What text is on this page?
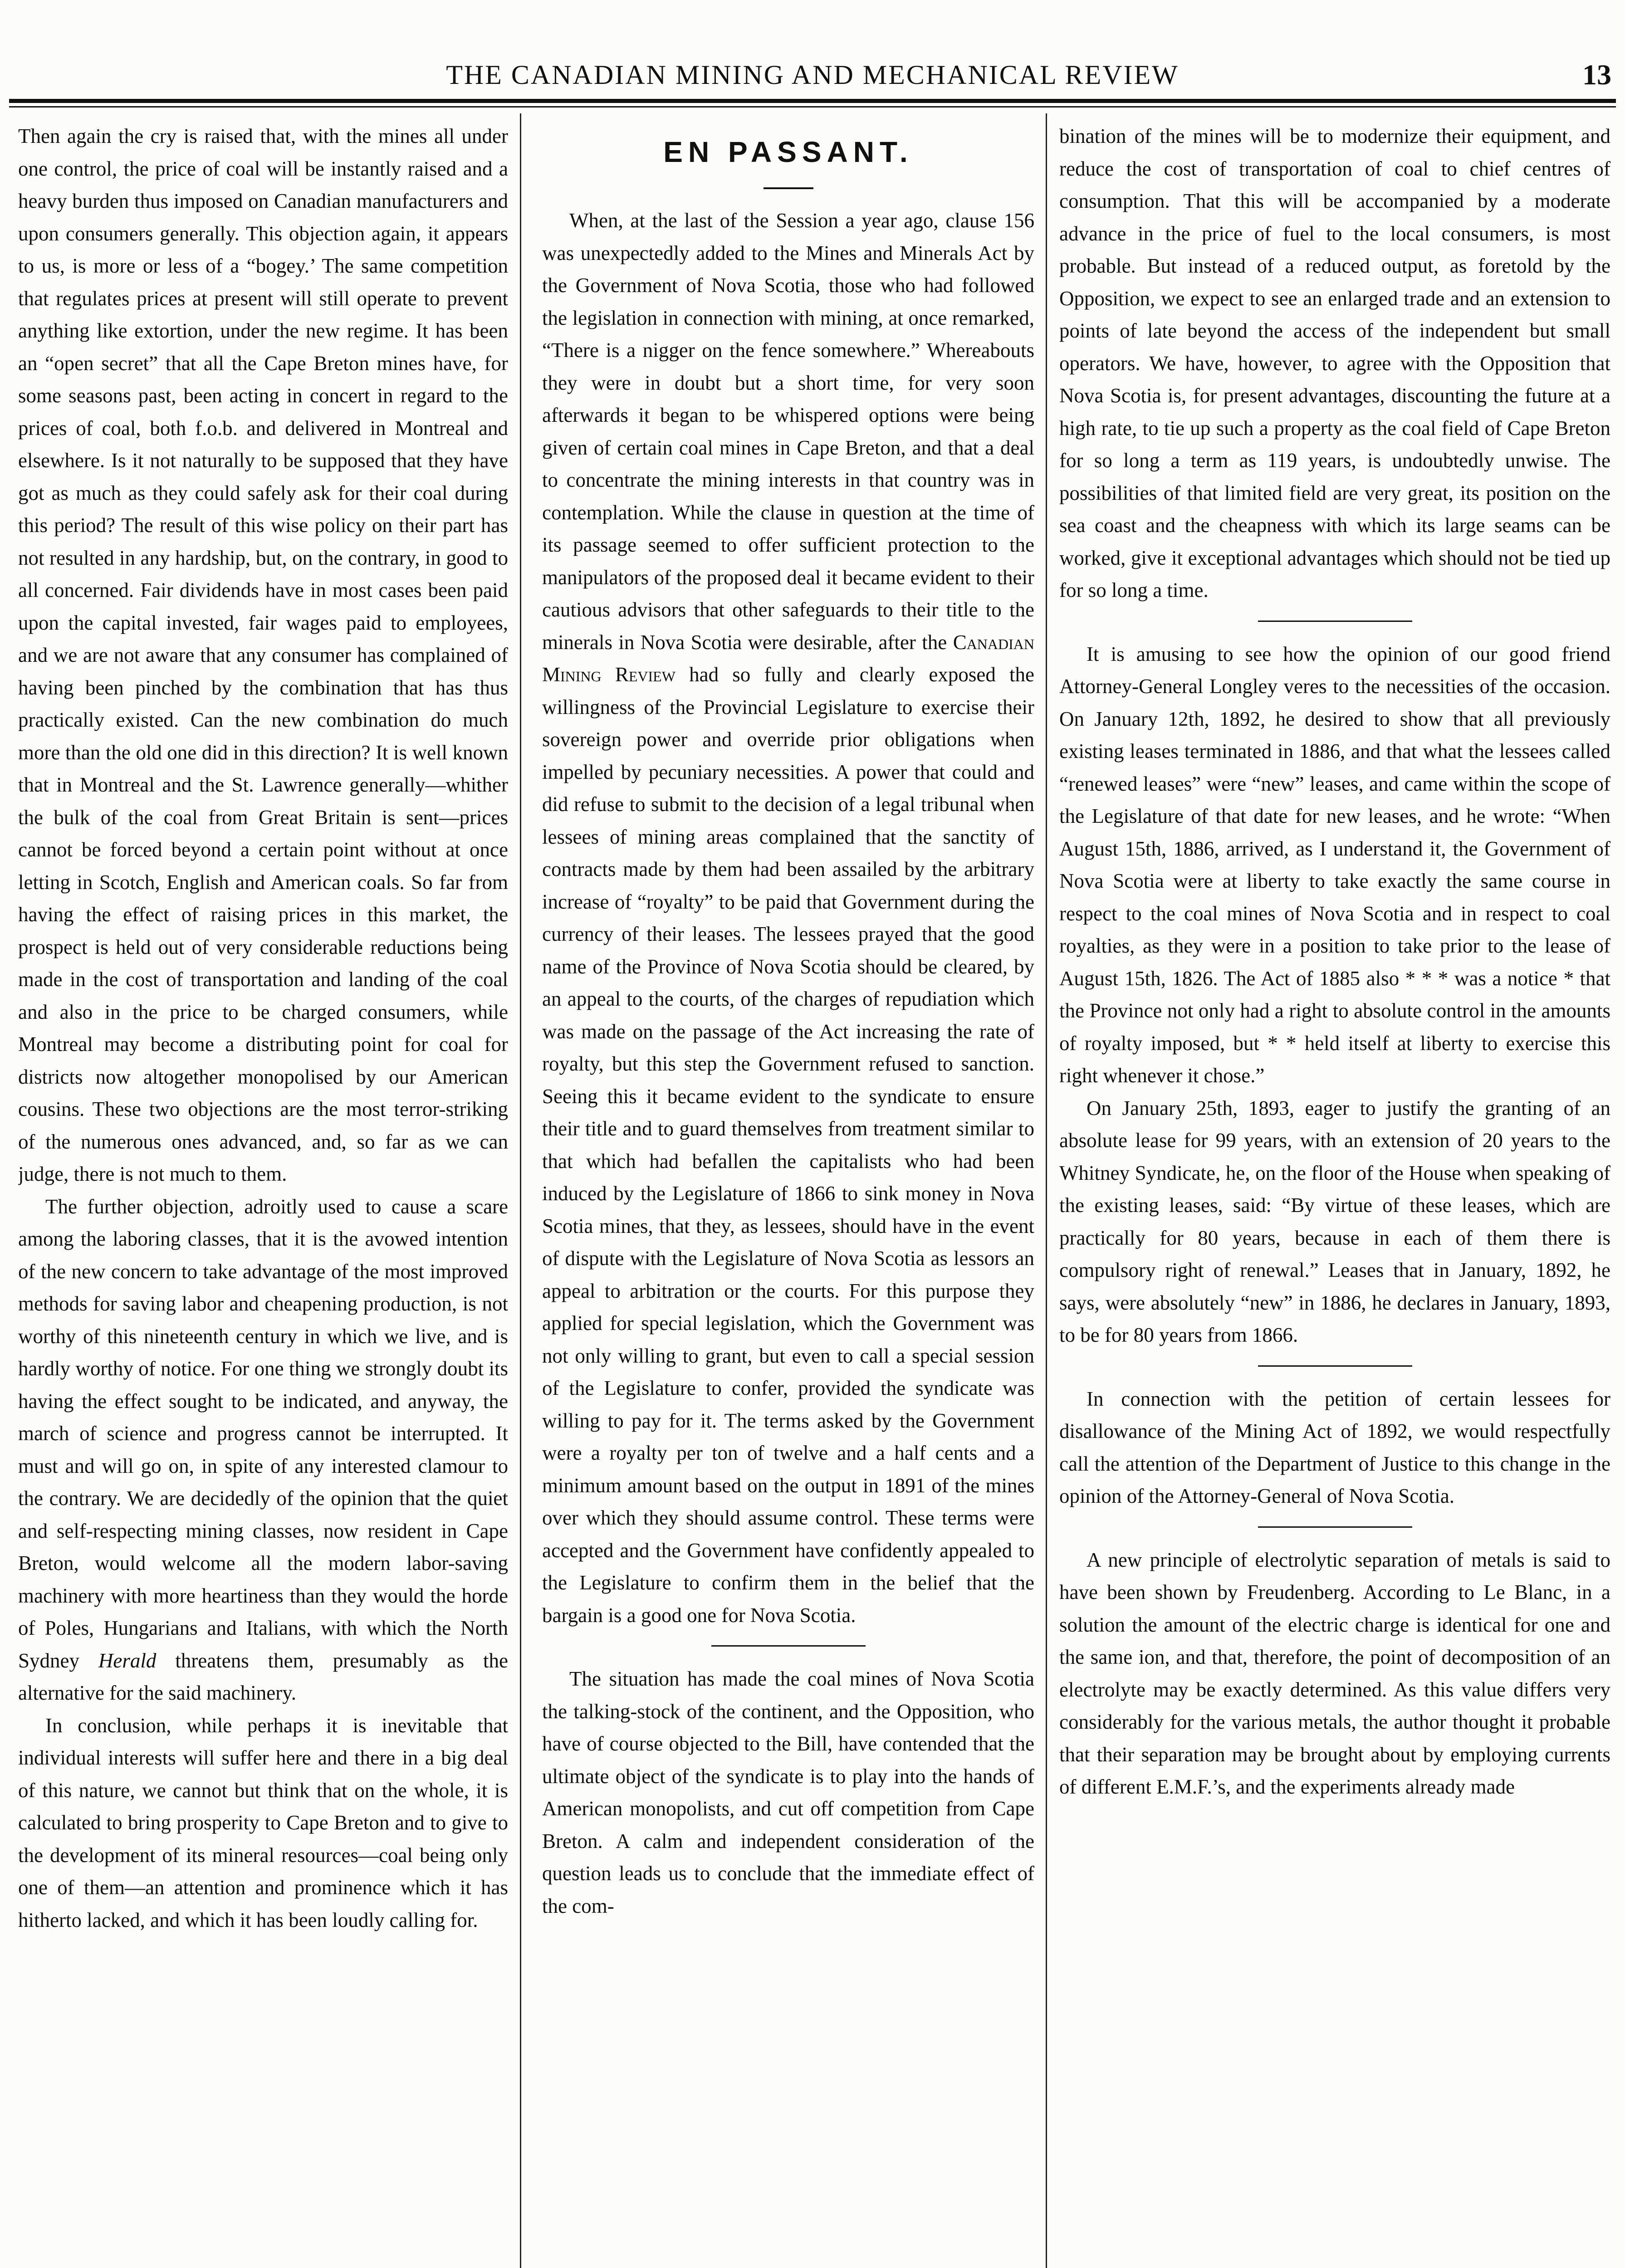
THE CANADIAN MINING AND MECHANICAL REVIEW	13

Then again the cry is raised that, with the mines all under one control, the price of coal will be instantly raised and a heavy burden thus imposed on Canadian manufacturers and upon consumers generally. This objection again, it appears to us, is more or less of a “bogey.’ The same competition that regulates prices at present will still operate to prevent anything like extortion, under the new regime. It has been an “open secret” that all the Cape Breton mines have, for some seasons past, been acting in concert in regard to the prices of coal, both f.o.b. and delivered in Montreal and elsewhere. Is it not naturally to be supposed that they have got as much as they could safely ask for their coal during this period? The result of this wise policy on their part has not resulted in any hardship, but, on the contrary, in good to all concerned. Fair dividends have in most cases been paid upon the capital invested, fair wages paid to employees, and we are not aware that any consumer has complained of having been pinched by the combination that has thus practically existed. Can the new combination do much more than the old one did in this direction? It is well known that in Montreal and the St. Lawrence generally—whither the bulk of the coal from Great Britain is sent—prices cannot be forced beyond a certain point without at once letting in Scotch, English and American coals. So far from having the effect of raising prices in this market, the prospect is held out of very considerable reductions being made in the cost of transportation and landing of the coal and also in the price to be charged consumers, while Montreal may become a distributing point for coal for districts now altogether monopolised by our American cousins. These two objections are the most terror-striking of the numerous ones advanced, and, so far as we can judge, there is not much to them.

The further objection, adroitly used to cause a scare among the laboring classes, that it is the avowed intention of the new concern to take advantage of the most improved methods for saving labor and cheapening production, is not worthy of this nineteenth century in which we live, and is hardly worthy of notice. For one thing we strongly doubt its having the effect sought to be indicated, and anyway, the march of science and progress cannot be interrupted. It must and will go on, in spite of any interested clamour to the contrary. We are decidedly of the opinion that the quiet and self-respecting mining classes, now resident in Cape Breton, would welcome all the modern labor-saving machinery with more heartiness than they would the horde of Poles, Hungarians and Italians, with which the North Sydney Herald threatens them, presumably as the alternative for the said machinery.

In conclusion, while perhaps it is inevitable that individual interests will suffer here and there in a big deal of this nature, we cannot but think that on the whole, it is calculated to bring prosperity to Cape Breton and to give to the development of its mineral resources—coal being only one of them—an attention and prominence which it has hitherto lacked, and which it has been loudly calling for.

EN PASSANT.

When, at the last of the Session a year ago, clause 156 was unexpectedly added to the Mines and Minerals Act by the Government of Nova Scotia, those who had followed the legislation in connection with mining, at once remarked, “There is a nigger on the fence somewhere.” Whereabouts they were in doubt but a short time, for very soon afterwards it began to be whispered options were being given of certain coal mines in Cape Breton, and that a deal to concentrate the mining interests in that country was in contemplation. While the clause in question at the time of its passage seemed to offer sufficient protection to the manipulators of the proposed deal it became evident to their cautious advisors that other safeguards to their title to the minerals in Nova Scotia were desirable, after the Canadian Mining Review had so fully and clearly exposed the willingness of the Provincial Legislature to exercise their sovereign power and override prior obligations when impelled by pecuniary necessities. A power that could and did refuse to submit to the decision of a legal tribunal when lessees of mining areas complained that the sanctity of contracts made by them had been assailed by the arbitrary increase of “royalty” to be paid that Government during the currency of their leases. The lessees prayed that the good name of the Province of Nova Scotia should be cleared, by an appeal to the courts, of the charges of repudiation which was made on the passage of the Act increasing the rate of royalty, but this step the Government refused to sanction. Seeing this it became evident to the syndicate to ensure their title and to guard themselves from treatment similar to that which had befallen the capitalists who had been induced by the Legislature of 1866 to sink money in Nova Scotia mines, that they, as lessees, should have in the event of dispute with the Legislature of Nova Scotia as lessors an appeal to arbitration or the courts. For this purpose they applied for special legislation, which the Government was not only willing to grant, but even to call a special session of the Legislature to confer, provided the syndicate was willing to pay for it. The terms asked by the Government were a royalty per ton of twelve and a half cents and a minimum amount based on the output in 1891 of the mines over which they should assume control. These terms were accepted and the Government have confidently appealed to the Legislature to confirm them in the belief that the bargain is a good one for Nova Scotia.

The situation has made the coal mines of Nova Scotia the talking-stock of the continent, and the Opposition, who have of course objected to the Bill, have contended that the ultimate object of the syndicate is to play into the hands of American monopolists, and cut off competition from Cape Breton. A calm and independent consideration of the question leads us to conclude that the immediate effect of the com-

bination of the mines will be to modernize their equipment, and reduce the cost of transportation of coal to chief centres of consumption. That this will be accompanied by a moderate advance in the price of fuel to the local consumers, is most probable. But instead of a reduced output, as foretold by the Opposition, we expect to see an enlarged trade and an extension to points of late beyond the access of the independent but small operators. We have, however, to agree with the Opposition that Nova Scotia is, for present advantages, discounting the future at a high rate, to tie up such a property as the coal field of Cape Breton for so long a term as 119 years, is undoubtedly unwise. The possibilities of that limited field are very great, its position on the sea coast and the cheapness with which its large seams can be worked, give it exceptional advantages which should not be tied up for so long a time.

It is amusing to see how the opinion of our good friend Attorney-General Longley veres to the necessities of the occasion. On January 12th, 1892, he desired to show that all previously existing leases terminated in 1886, and that what the lessees called “renewed leases” were “new” leases, and came within the scope of the Legislature of that date for new leases, and he wrote: “When August 15th, 1886, arrived, as I understand it, the Government of Nova Scotia were at liberty to take exactly the same course in respect to the coal mines of Nova Scotia and in respect to coal royalties, as they were in a position to take prior to the lease of August 15th, 1826. The Act of 1885 also * * * was a notice * that the Province not only had a right to absolute control in the amounts of royalty imposed, but * * held itself at liberty to exercise this right whenever it chose.”

On January 25th, 1893, eager to justify the granting of an absolute lease for 99 years, with an extension of 20 years to the Whitney Syndicate, he, on the floor of the House when speaking of the existing leases, said: “By virtue of these leases, which are practically for 80 years, because in each of them there is compulsory right of renewal.” Leases that in January, 1892, he says, were absolutely “new” in 1886, he declares in January, 1893, to be for 80 years from 1866.

In connection with the petition of certain lessees for disallowance of the Mining Act of 1892, we would respectfully call the attention of the Department of Justice to this change in the opinion of the Attorney-General of Nova Scotia.

A new principle of electrolytic separation of metals is said to have been shown by Freudenberg. According to Le Blanc, in a solution the amount of the electric charge is identical for one and the same ion, and that, therefore, the point of decomposition of an electrolyte may be exactly determined. As this value differs very considerably for the various metals, the author thought it probable that their separation may be brought about by employing currents of different E.M.F.’s, and the experiments already made
